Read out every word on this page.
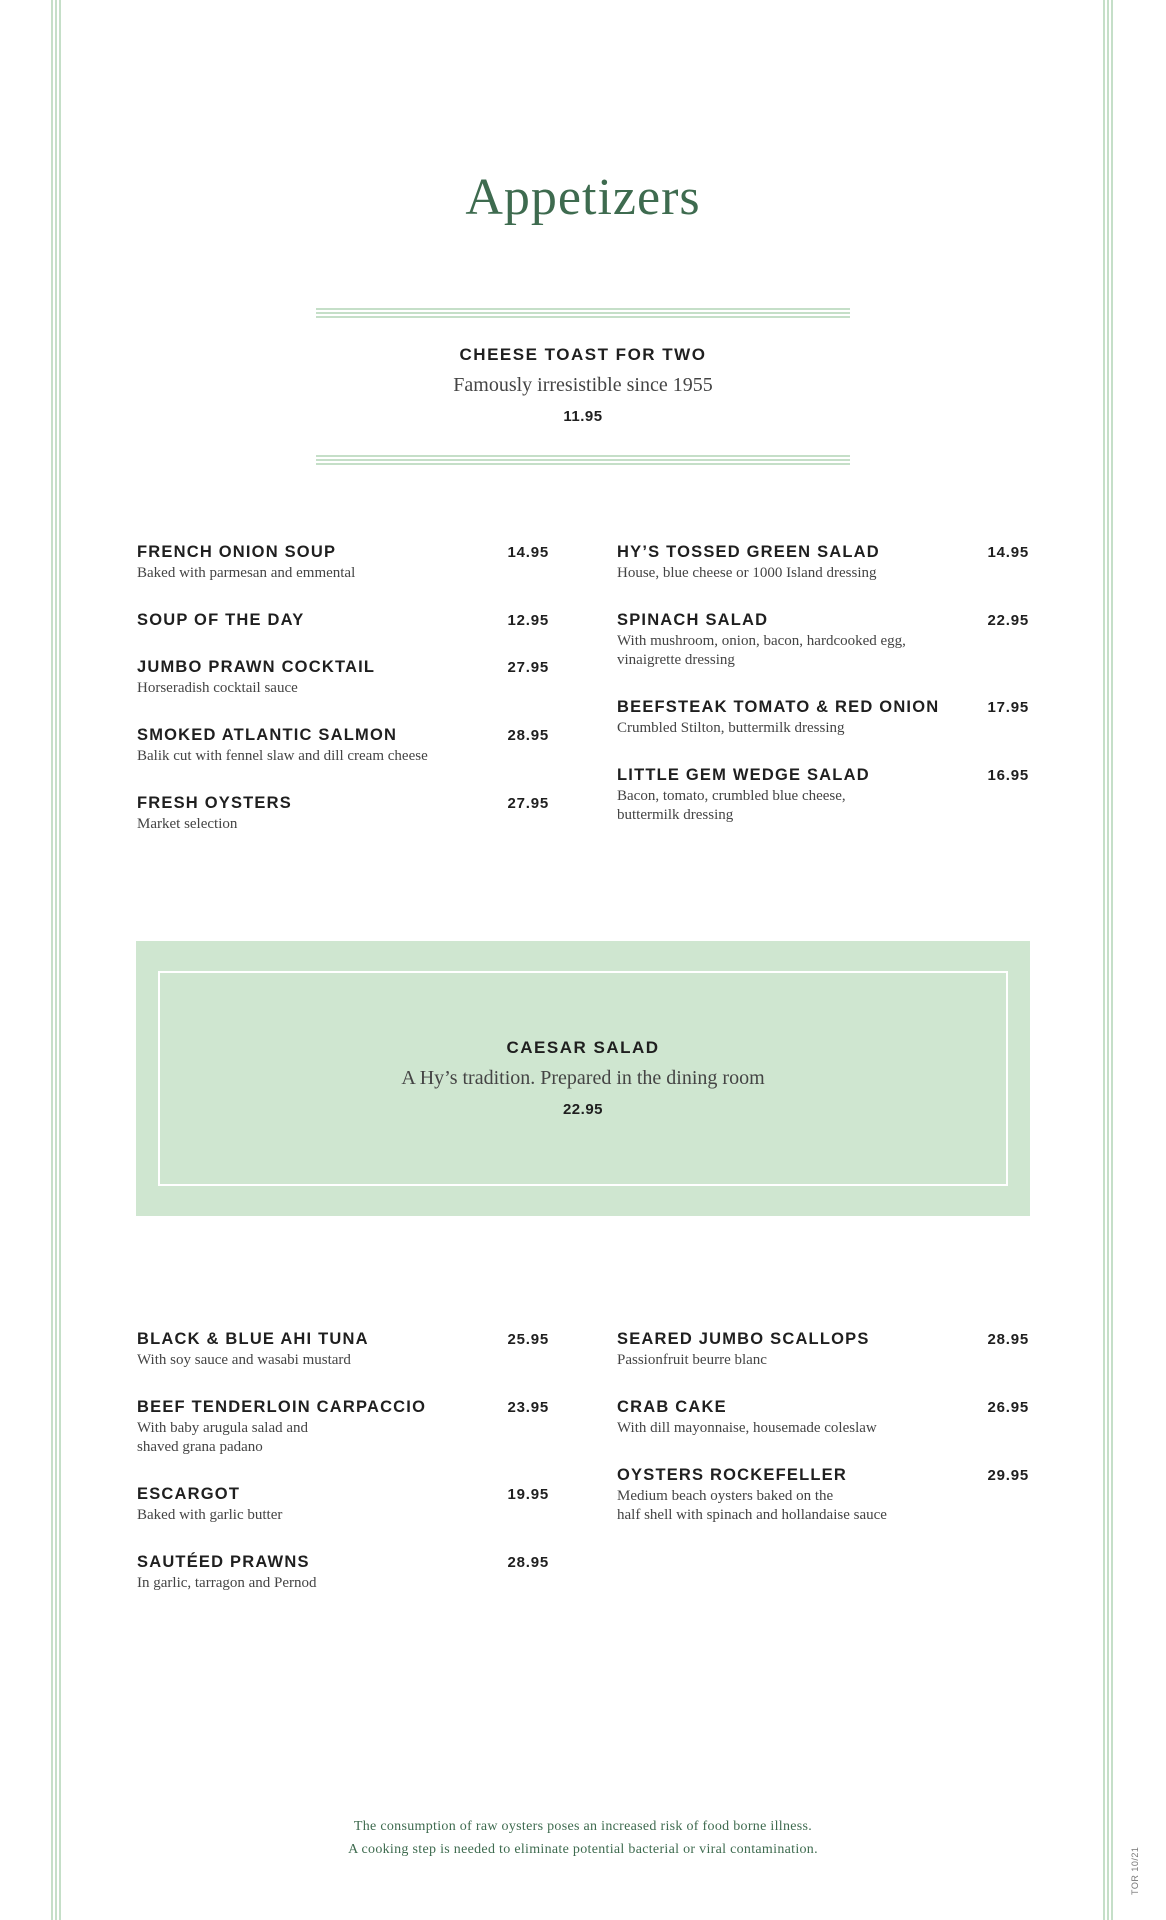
Appetizers
CHEESE TOAST FOR TWO
Famously irresistible since 1955
11.95
FRENCH ONION SOUP	14.95
Baked with parmesan and emmental
SOUP OF THE DAY	12.95
JUMBO PRAWN COCKTAIL	27.95
Horseradish cocktail sauce
SMOKED ATLANTIC SALMON	28.95
Balik cut with fennel slaw and dill cream cheese
FRESH OYSTERS	27.95
Market selection
HY’S TOSSED GREEN SALAD	14.95
House, blue cheese or 1000 Island dressing
SPINACH SALAD	22.95
With mushroom, onion, bacon, hardcooked egg,
vinaigrette dressing
BEEFSTEAK TOMATO & RED ONION	17.95
Crumbled Stilton, buttermilk dressing
LITTLE GEM WEDGE SALAD	16.95
Bacon, tomato, crumbled blue cheese,
buttermilk dressing
CAESAR SALAD
A Hy’s tradition. Prepared in the dining room
22.95
BLACK & BLUE AHI TUNA	25.95
With soy sauce and wasabi mustard
BEEF TENDERLOIN CARPACCIO	23.95
With baby arugula salad and
shaved grana padano
ESCARGOT	19.95
Baked with garlic butter
SAUTÉED PRAWNS	28.95
In garlic, tarragon and Pernod
SEARED JUMBO SCALLOPS	28.95
Passionfruit beurre blanc
CRAB CAKE	26.95
With dill mayonnaise, housemade coleslaw
OYSTERS ROCKEFELLER	29.95
Medium beach oysters baked on the
half shell with spinach and hollandaise sauce
The consumption of raw oysters poses an increased risk of food borne illness.
A cooking step is needed to eliminate potential bacterial or viral contamination.	TOR 10/21
